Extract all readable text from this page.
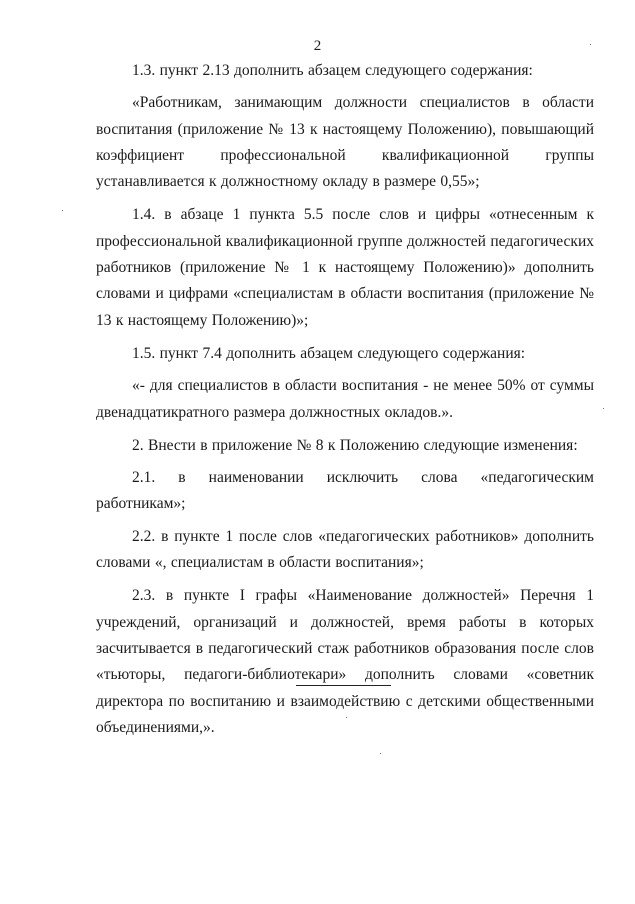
2

1.3. пункт 2.13 дополнить абзацем следующего содержания:

«Работникам, занимающим должности специалистов в области воспитания (приложение № 13 к настоящему Положению), повышающий коэффициент профессиональной квалификационной группы устанавливается к должностному окладу в размере 0,55»;

1.4. в абзаце 1 пункта 5.5 после слов и цифры «отнесенным к профессиональной квалификационной группе должностей педагогических работников (приложение № 1 к настоящему Положению)» дополнить словами и цифрами «специалистам в области воспитания (приложение № 13 к настоящему Положению)»;

1.5. пункт 7.4 дополнить абзацем следующего содержания:

«- для специалистов в области воспитания - не менее 50% от суммы двенадцатикратного размера должностных окладов.».

2. Внести в приложение № 8 к Положению следующие изменения:

2.1. в наименовании исключить слова «педагогическим работникам»;

2.2. в пункте 1 после слов «педагогических работников» дополнить словами «, специалистам в области воспитания»;

2.3. в пункте I графы «Наименование должностей» Перечня 1 учреждений, организаций и должностей, время работы в которых засчитывается в педагогический стаж работников образования после слов «тьюторы, педагоги-библиотекари» дополнить словами «советник директора по воспитанию и взаимодействию с детскими общественными объединениями,».
